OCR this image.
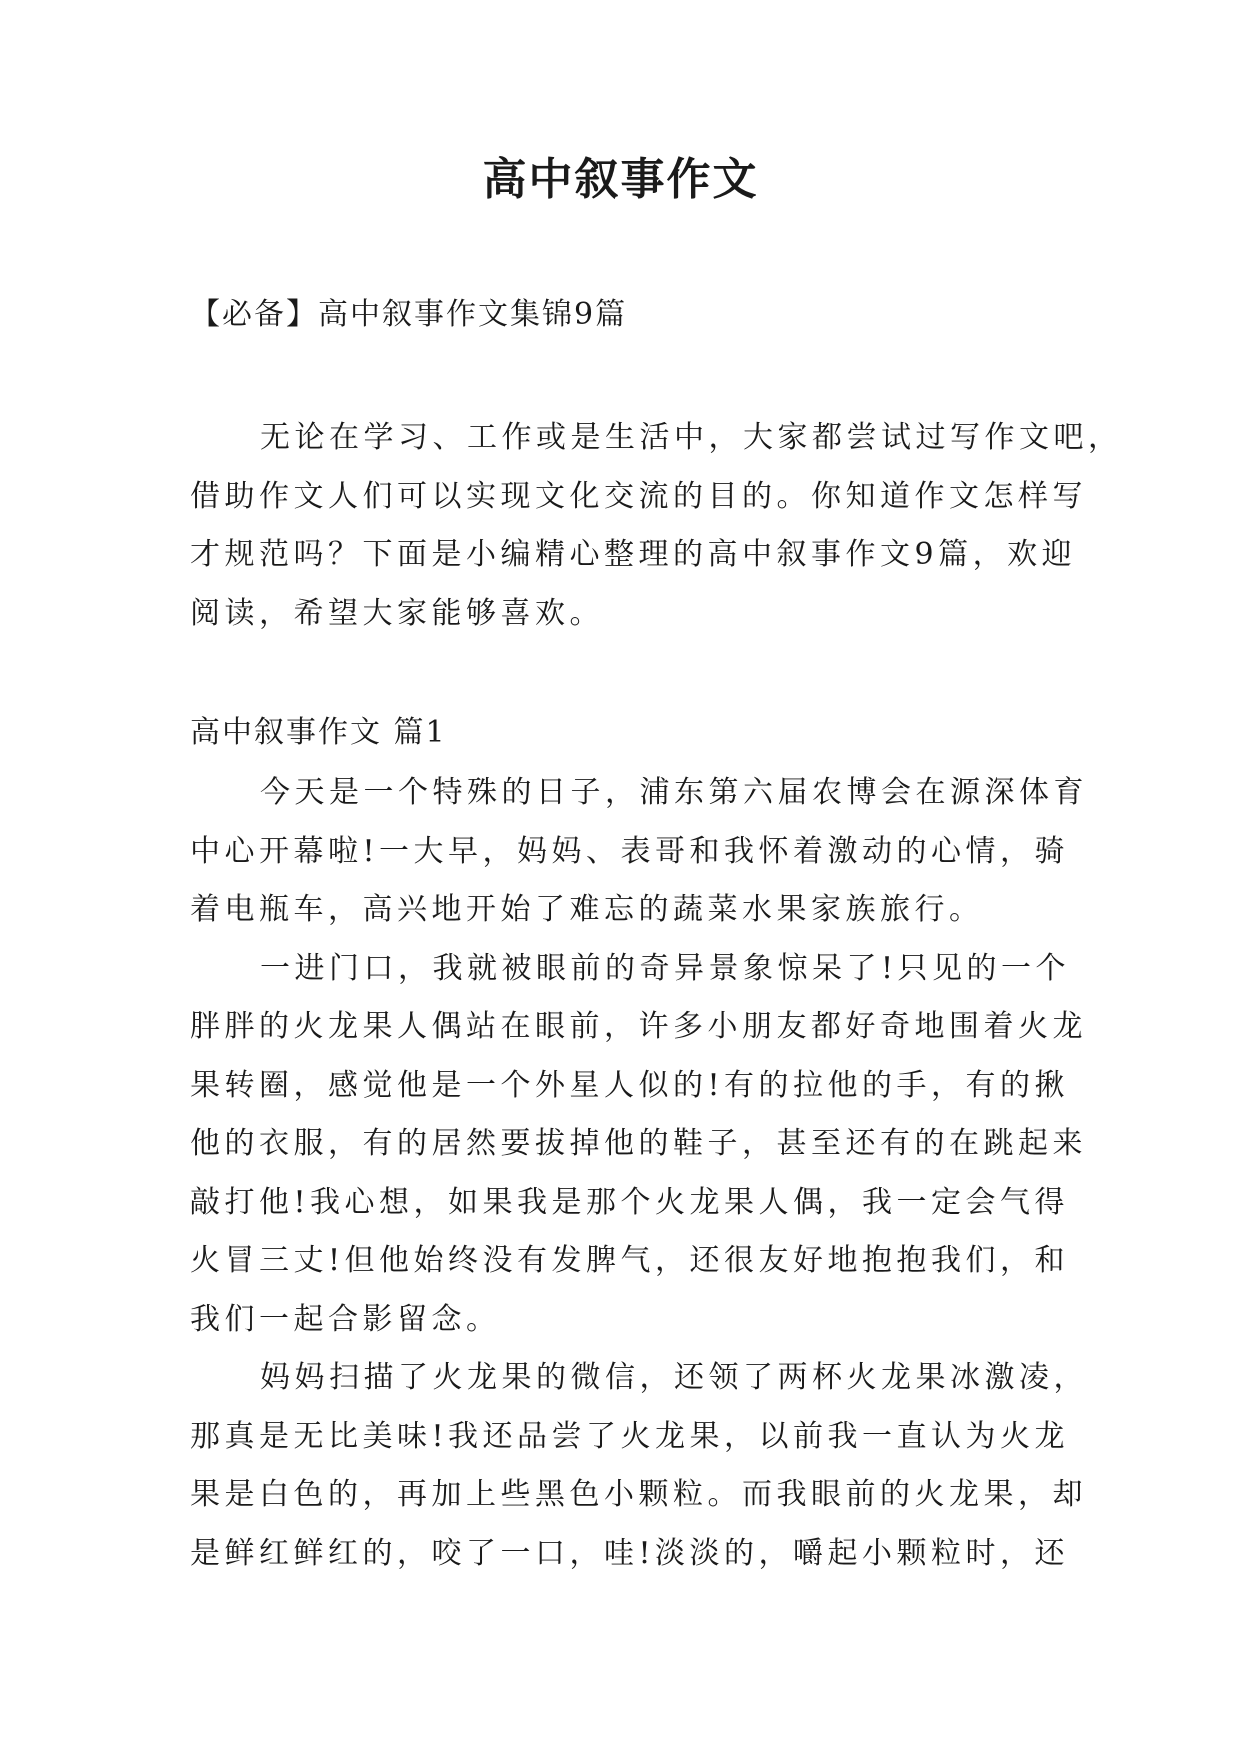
高中叙事作文

【必备】高中叙事作文集锦9篇

无论在学习、工作或是生活中，大家都尝试过写作文吧，
借助作文人们可以实现文化交流的目的。你知道作文怎样写
才规范吗？下面是小编精心整理的高中叙事作文9篇，欢迎
阅读，希望大家能够喜欢。

高中叙事作文 篇1

今天是一个特殊的日子，浦东第六届农博会在源深体育
中心开幕啦!一大早，妈妈、表哥和我怀着激动的心情，骑
着电瓶车，高兴地开始了难忘的蔬菜水果家族旅行。
一进门口，我就被眼前的奇异景象惊呆了!只见的一个
胖胖的火龙果人偶站在眼前，许多小朋友都好奇地围着火龙
果转圈，感觉他是一个外星人似的!有的拉他的手，有的揪
他的衣服，有的居然要拔掉他的鞋子，甚至还有的在跳起来
敲打他!我心想，如果我是那个火龙果人偶，我一定会气得
火冒三丈!但他始终没有发脾气，还很友好地抱抱我们，和
我们一起合影留念。
妈妈扫描了火龙果的微信，还领了两杯火龙果冰激凌，
那真是无比美味!我还品尝了火龙果，以前我一直认为火龙
果是白色的，再加上些黑色小颗粒。而我眼前的火龙果，却
是鲜红鲜红的，咬了一口，哇!淡淡的，嚼起小颗粒时，还
